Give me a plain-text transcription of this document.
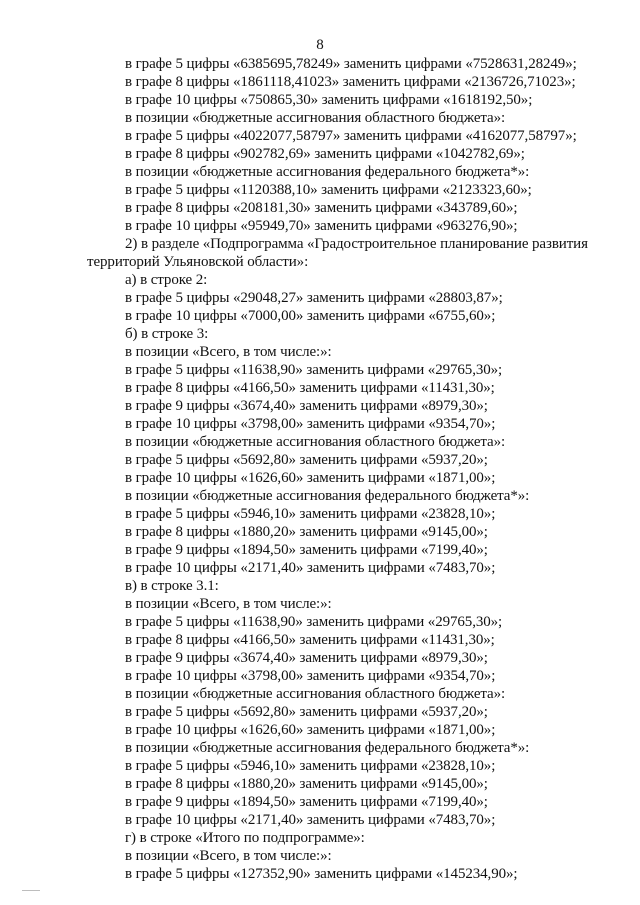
8
в графе 5 цифры «6385695,78249» заменить цифрами «7528631,28249»;
в графе 8 цифры «1861118,41023» заменить цифрами «2136726,71023»;
в графе 10 цифры «750865,30» заменить цифрами «1618192,50»;
в позиции «бюджетные ассигнования областного бюджета»:
в графе 5 цифры «4022077,58797» заменить цифрами «4162077,58797»;
в графе 8 цифры «902782,69» заменить цифрами «1042782,69»;
в позиции «бюджетные ассигнования федерального бюджета*»:
в графе 5 цифры «1120388,10» заменить цифрами «2123323,60»;
в графе 8 цифры «208181,30» заменить цифрами «343789,60»;
в графе 10 цифры «95949,70» заменить цифрами «963276,90»;
2) в разделе «Подпрограмма «Градостроительное планирование развития
территорий Ульяновской области»:
а) в строке 2:
в графе 5 цифры «29048,27» заменить цифрами «28803,87»;
в графе 10 цифры «7000,00» заменить цифрами «6755,60»;
б) в строке 3:
в позиции «Всего, в том числе:»:
в графе 5 цифры «11638,90» заменить цифрами «29765,30»;
в графе 8 цифры «4166,50» заменить цифрами «11431,30»;
в графе 9 цифры «3674,40» заменить цифрами «8979,30»;
в графе 10 цифры «3798,00» заменить цифрами «9354,70»;
в позиции «бюджетные ассигнования областного бюджета»:
в графе 5 цифры «5692,80» заменить цифрами «5937,20»;
в графе 10 цифры «1626,60» заменить цифрами «1871,00»;
в позиции «бюджетные ассигнования федерального бюджета*»:
в графе 5 цифры «5946,10» заменить цифрами «23828,10»;
в графе 8 цифры «1880,20» заменить цифрами «9145,00»;
в графе 9 цифры «1894,50» заменить цифрами «7199,40»;
в графе 10 цифры «2171,40» заменить цифрами «7483,70»;
в) в строке 3.1:
в позиции «Всего, в том числе:»:
в графе 5 цифры «11638,90» заменить цифрами «29765,30»;
в графе 8 цифры «4166,50» заменить цифрами «11431,30»;
в графе 9 цифры «3674,40» заменить цифрами «8979,30»;
в графе 10 цифры «3798,00» заменить цифрами «9354,70»;
в позиции «бюджетные ассигнования областного бюджета»:
в графе 5 цифры «5692,80» заменить цифрами «5937,20»;
в графе 10 цифры «1626,60» заменить цифрами «1871,00»;
в позиции «бюджетные ассигнования федерального бюджета*»:
в графе 5 цифры «5946,10» заменить цифрами «23828,10»;
в графе 8 цифры «1880,20» заменить цифрами «9145,00»;
в графе 9 цифры «1894,50» заменить цифрами «7199,40»;
в графе 10 цифры «2171,40» заменить цифрами «7483,70»;
г) в строке «Итого по подпрограмме»:
в позиции «Всего, в том числе:»:
в графе 5 цифры «127352,90» заменить цифрами «145234,90»;
